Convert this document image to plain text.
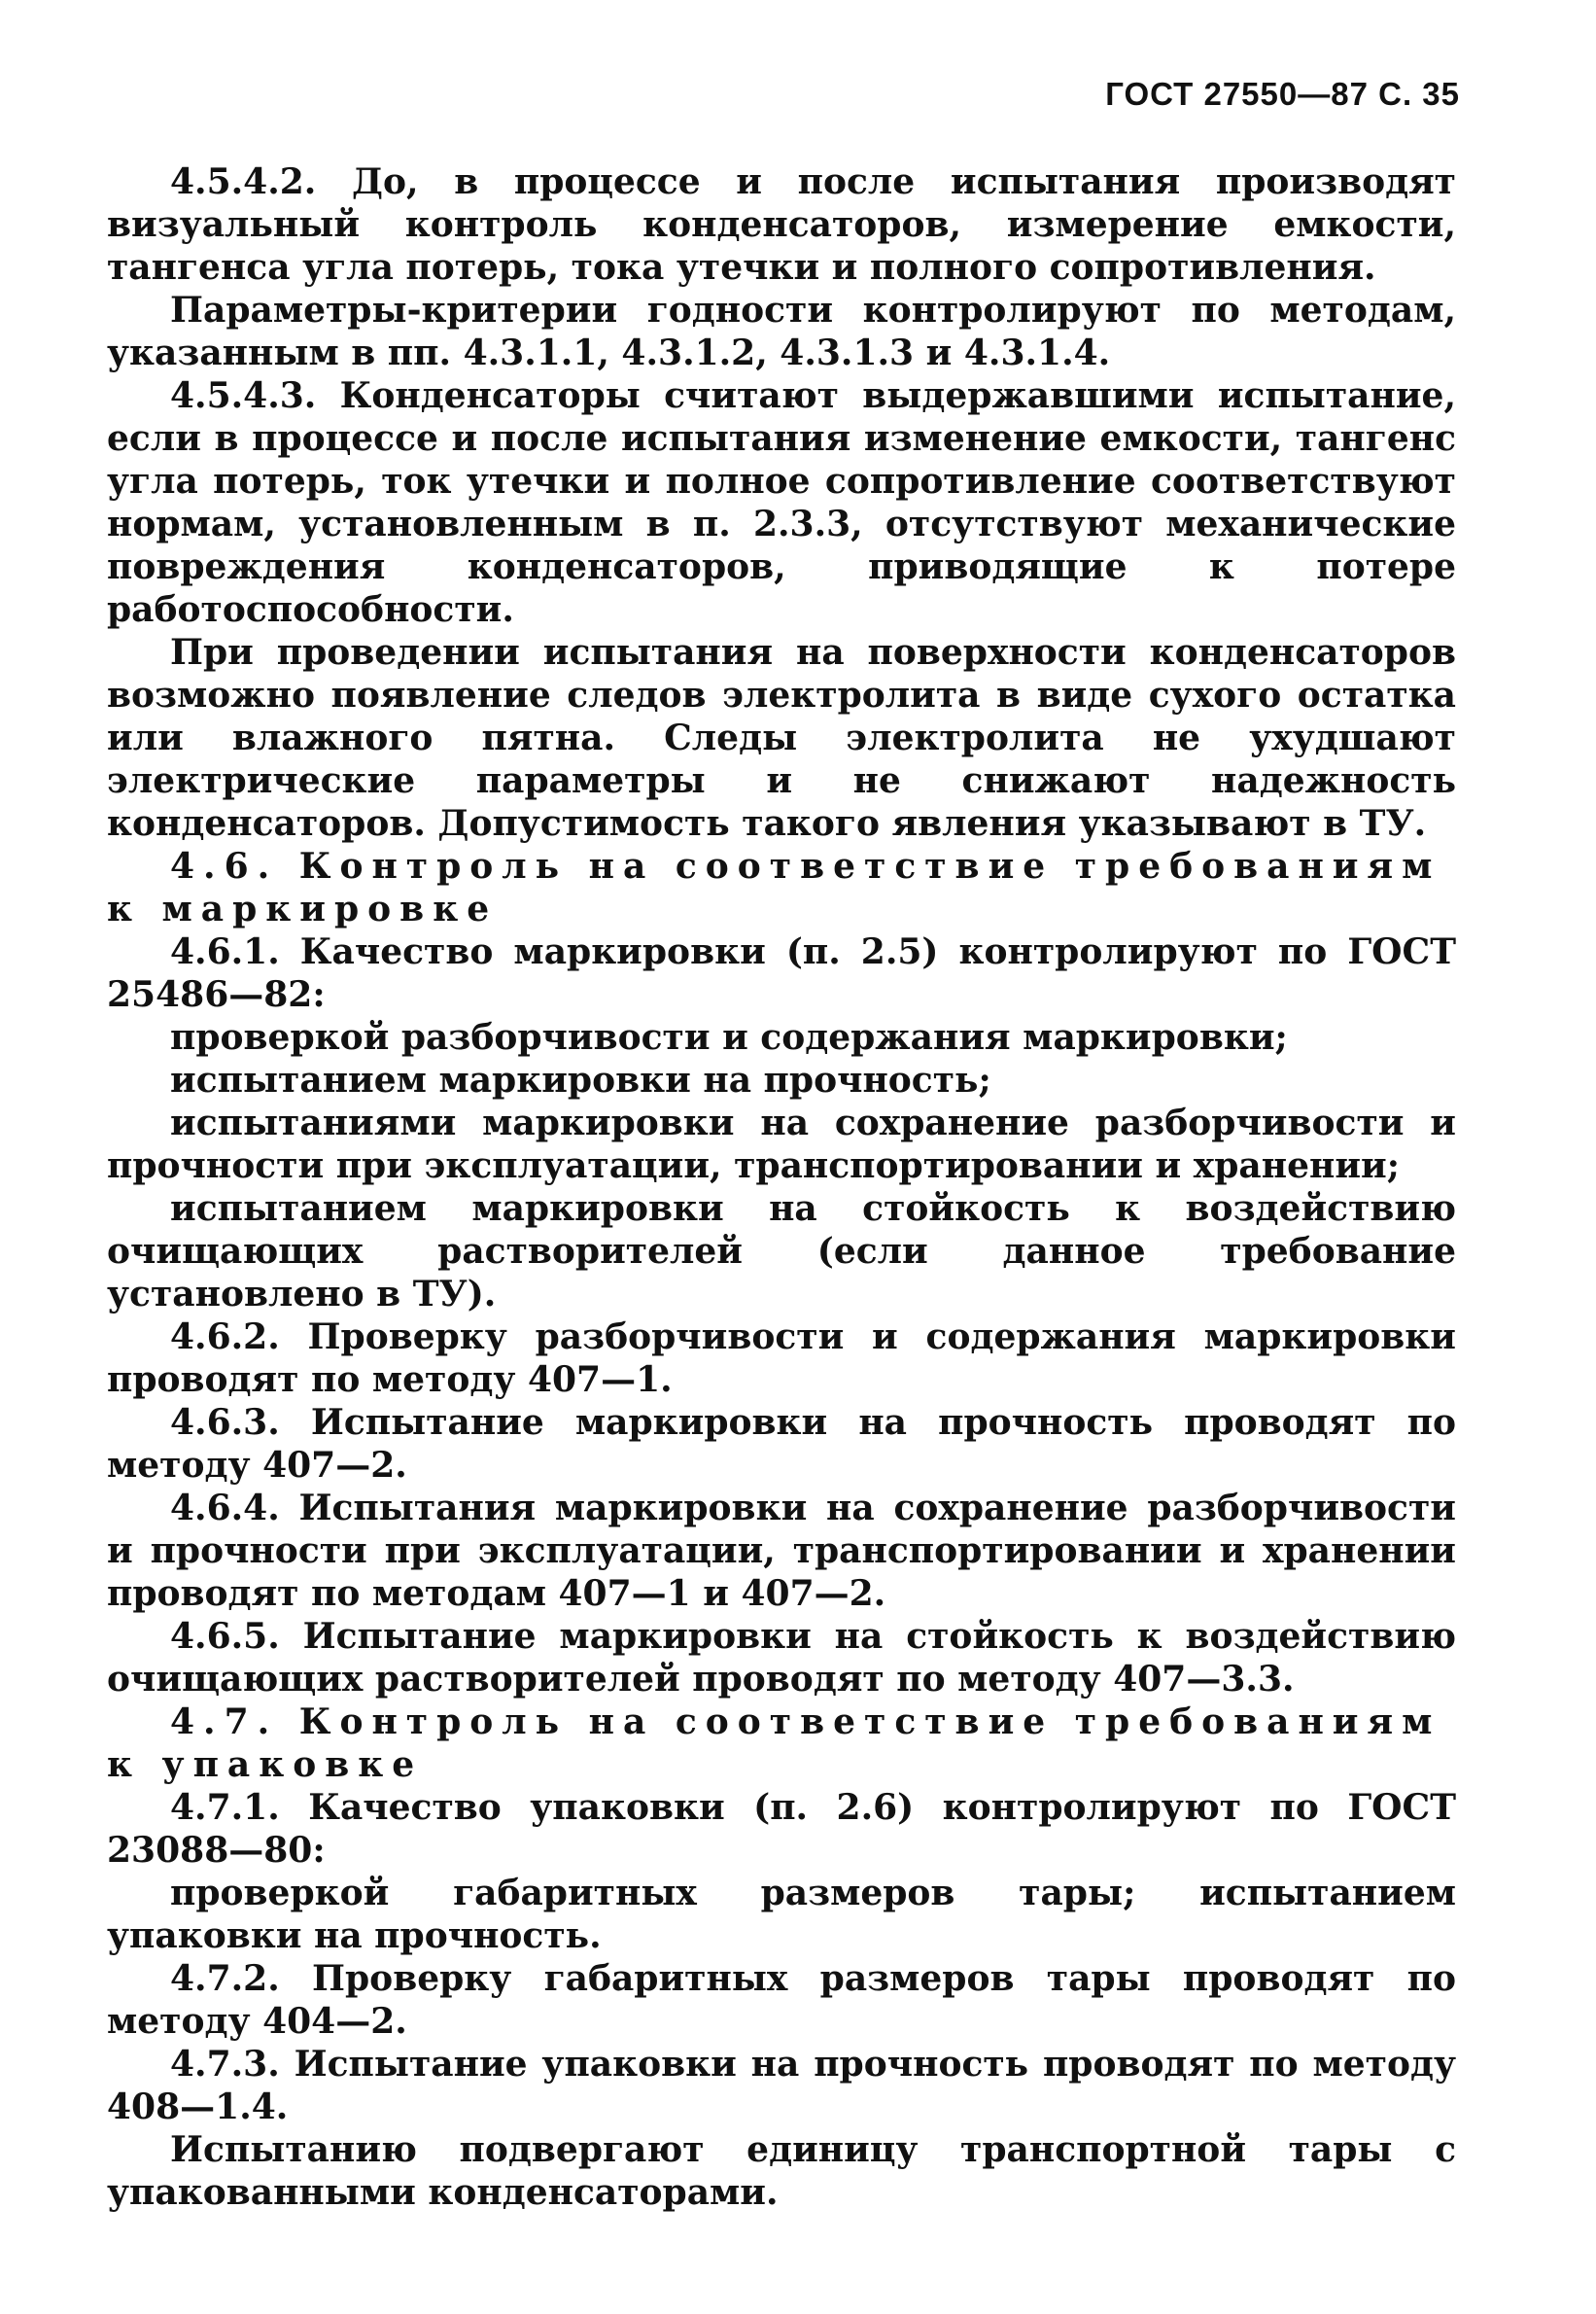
ГОСТ 27550—87 С. 35

4.5.4.2. До, в процессе и после испытания производят визуальный контроль конденсаторов, измерение емкости, тангенса угла потерь, тока утечки и полного сопротивления.

Параметры-критерии годности контролируют по методам, указанным в пп. 4.3.1.1, 4.3.1.2, 4.3.1.3 и 4.3.1.4.

4.5.4.3. Конденсаторы считают выдержавшими испытание, если в процессе и после испытания изменение емкости, тангенс угла потерь, ток утечки и полное сопротивление соответствуют нормам, установленным в п. 2.3.3, отсутствуют механические повреждения конденсаторов, приводящие к потере работоспособности.

При проведении испытания на поверхности конденсаторов возможно появление следов электролита в виде сухого остатка или влажного пятна. Следы электролита не ухудшают электрические параметры и не снижают надежность конденсаторов. Допустимость такого явления указывают в ТУ.

4.6. Контроль на соответствие требованиям к маркировке

4.6.1. Качество маркировки (п. 2.5) контролируют по ГОСТ 25486—82:

проверкой разборчивости и содержания маркировки;

испытанием маркировки на прочность;

испытаниями маркировки на сохранение разборчивости и прочности при эксплуатации, транспортировании и хранении;

испытанием маркировки на стойкость к воздействию очищающих растворителей (если данное требование установлено в ТУ).

4.6.2. Проверку разборчивости и содержания маркировки проводят по методу 407—1.

4.6.3. Испытание маркировки на прочность проводят по методу 407—2.

4.6.4. Испытания маркировки на сохранение разборчивости и прочности при эксплуатации, транспортировании и хранении проводят по методам 407—1 и 407—2.

4.6.5. Испытание маркировки на стойкость к воздействию очищающих растворителей проводят по методу 407—3.3.

4.7. Контроль на соответствие требованиям к упаковке

4.7.1. Качество упаковки (п. 2.6) контролируют по ГОСТ 23088—80:

проверкой габаритных размеров тары; испытанием упаковки на прочность.

4.7.2. Проверку габаритных размеров тары проводят по методу 404—2.

4.7.3. Испытание упаковки на прочность проводят по методу 408—1.4.

Испытанию подвергают единицу транспортной тары с упакованными конденсаторами.
